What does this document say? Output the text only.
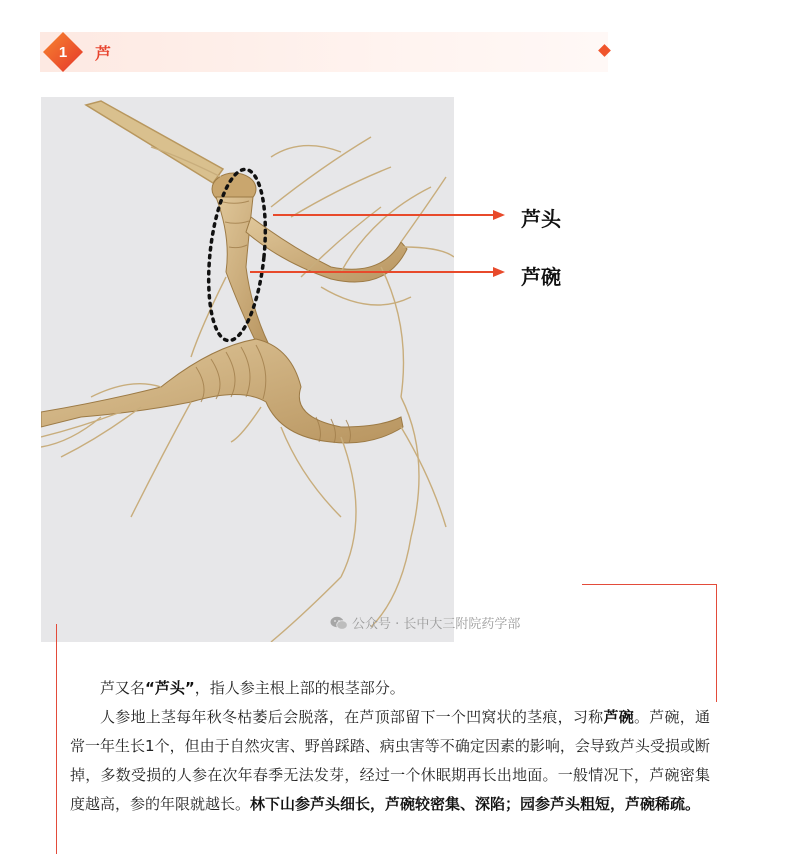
1	芦
芦头
芦碗
公众号 · 长中大三附院药学部

芦又名“芦头”，指人参主根上部的根茎部分。

人参地上茎每年秋冬枯萎后会脱落，在芦顶部留下一个凹窝状的茎痕，习称芦碗。芦碗，通常一年生长1个，但由于自然灾害、野兽踩踏、病虫害等不确定因素的影响，会导致芦头受损或断掉，多数受损的人参在次年春季无法发芽，经过一个休眠期再长出地面。一般情况下，芦碗密集度越高，参的年限就越长。林下山参芦头细长，芦碗较密集、深陷；园参芦头粗短，芦碗稀疏。
